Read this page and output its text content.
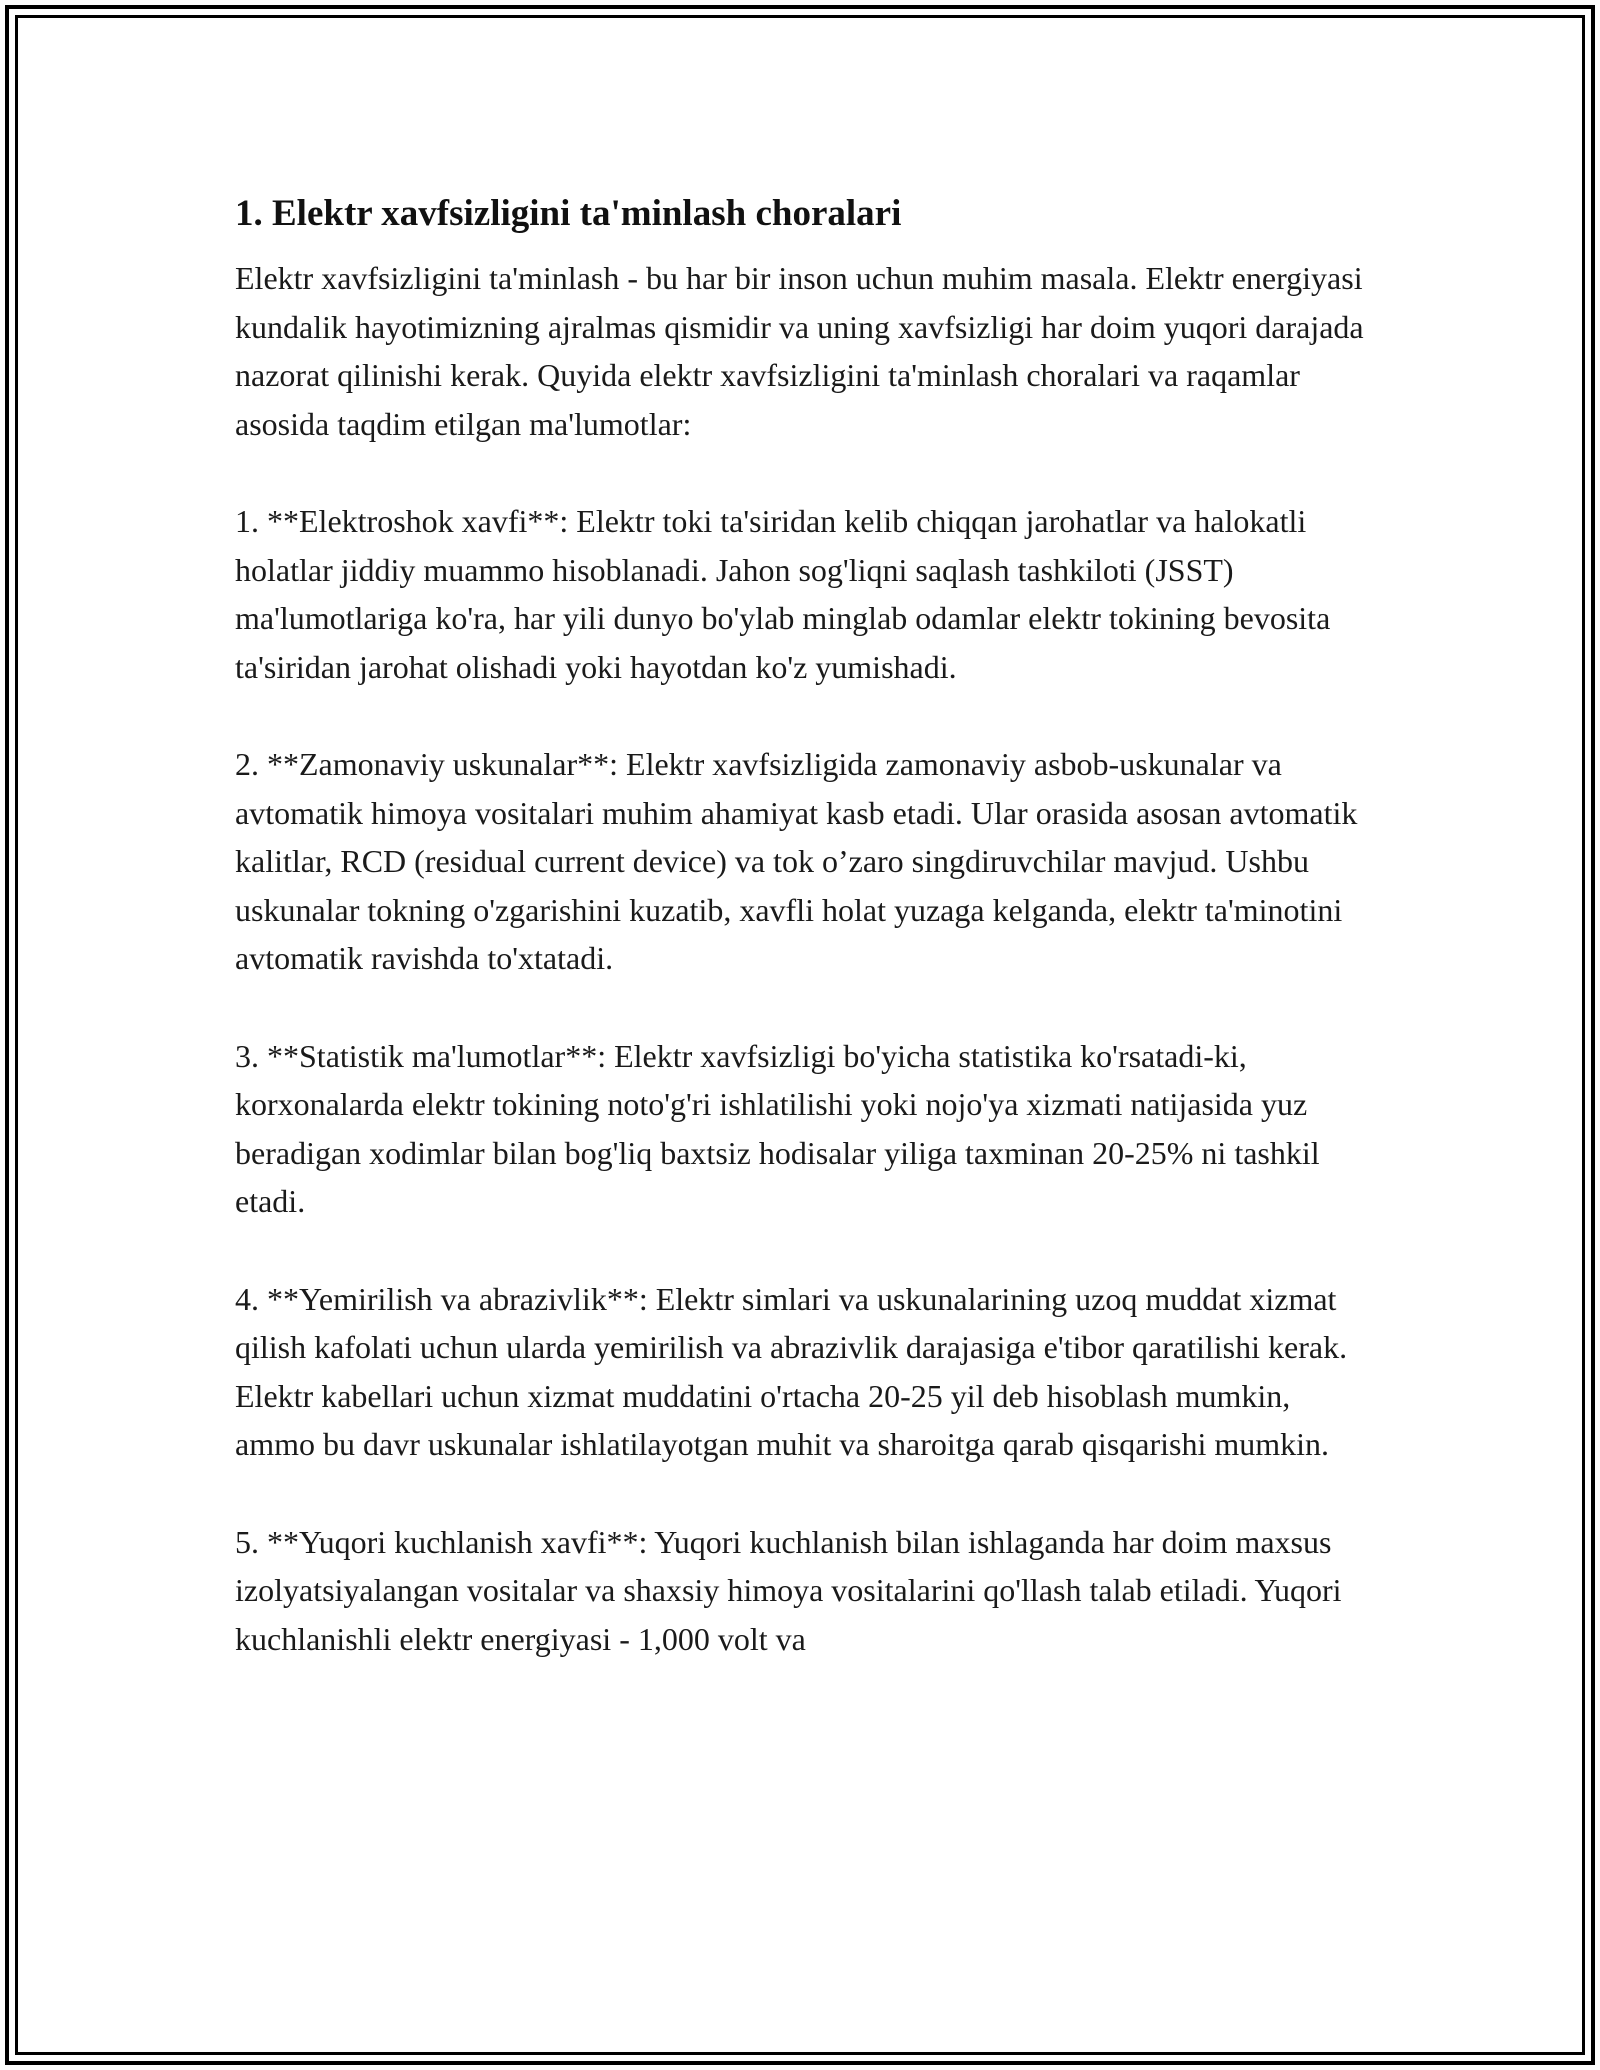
1. Elektr xavfsizligini ta'minlash choralari

Elektr xavfsizligini ta'minlash - bu har bir inson uchun muhim masala. Elektr energiyasi kundalik hayotimizning ajralmas qismidir va uning xavfsizligi har doim yuqori darajada nazorat qilinishi kerak. Quyida elektr xavfsizligini ta'minlash choralari va raqamlar asosida taqdim etilgan ma'lumotlar:

1. **Elektroshok xavfi**: Elektr toki ta'siridan kelib chiqqan jarohatlar va halokatli holatlar jiddiy muammo hisoblanadi. Jahon sog'liqni saqlash tashkiloti (JSST) ma'lumotlariga ko'ra, har yili dunyo bo'ylab minglab odamlar elektr tokining bevosita ta'siridan jarohat olishadi yoki hayotdan ko'z yumishadi.

2. **Zamonaviy uskunalar**: Elektr xavfsizligida zamonaviy asbob-uskunalar va avtomatik himoya vositalari muhim ahamiyat kasb etadi. Ular orasida asosan avtomatik kalitlar, RCD (residual current device) va tok o’zaro singdiruvchilar mavjud. Ushbu uskunalar tokning o'zgarishini kuzatib, xavfli holat yuzaga kelganda, elektr ta'minotini avtomatik ravishda to'xtatadi.

3. **Statistik ma'lumotlar**: Elektr xavfsizligi bo'yicha statistika ko'rsatadi-ki, korxonalarda elektr tokining noto'g'ri ishlatilishi yoki nojo'ya xizmati natijasida yuz beradigan xodimlar bilan bog'liq baxtsiz hodisalar yiliga taxminan 20-25% ni tashkil etadi.

4. **Yemirilish va abrazivlik**: Elektr simlari va uskunalarining uzoq muddat xizmat qilish kafolati uchun ularda yemirilish va abrazivlik darajasiga e'tibor qaratilishi kerak. Elektr kabellari uchun xizmat muddatini o'rtacha 20-25 yil deb hisoblash mumkin, ammo bu davr uskunalar ishlatilayotgan muhit va sharoitga qarab qisqarishi mumkin.

5. **Yuqori kuchlanish xavfi**: Yuqori kuchlanish bilan ishlaganda har doim maxsus izolyatsiyalangan vositalar va shaxsiy himoya vositalarini qo'llash talab etiladi. Yuqori kuchlanishli elektr energiyasi - 1,000 volt va
